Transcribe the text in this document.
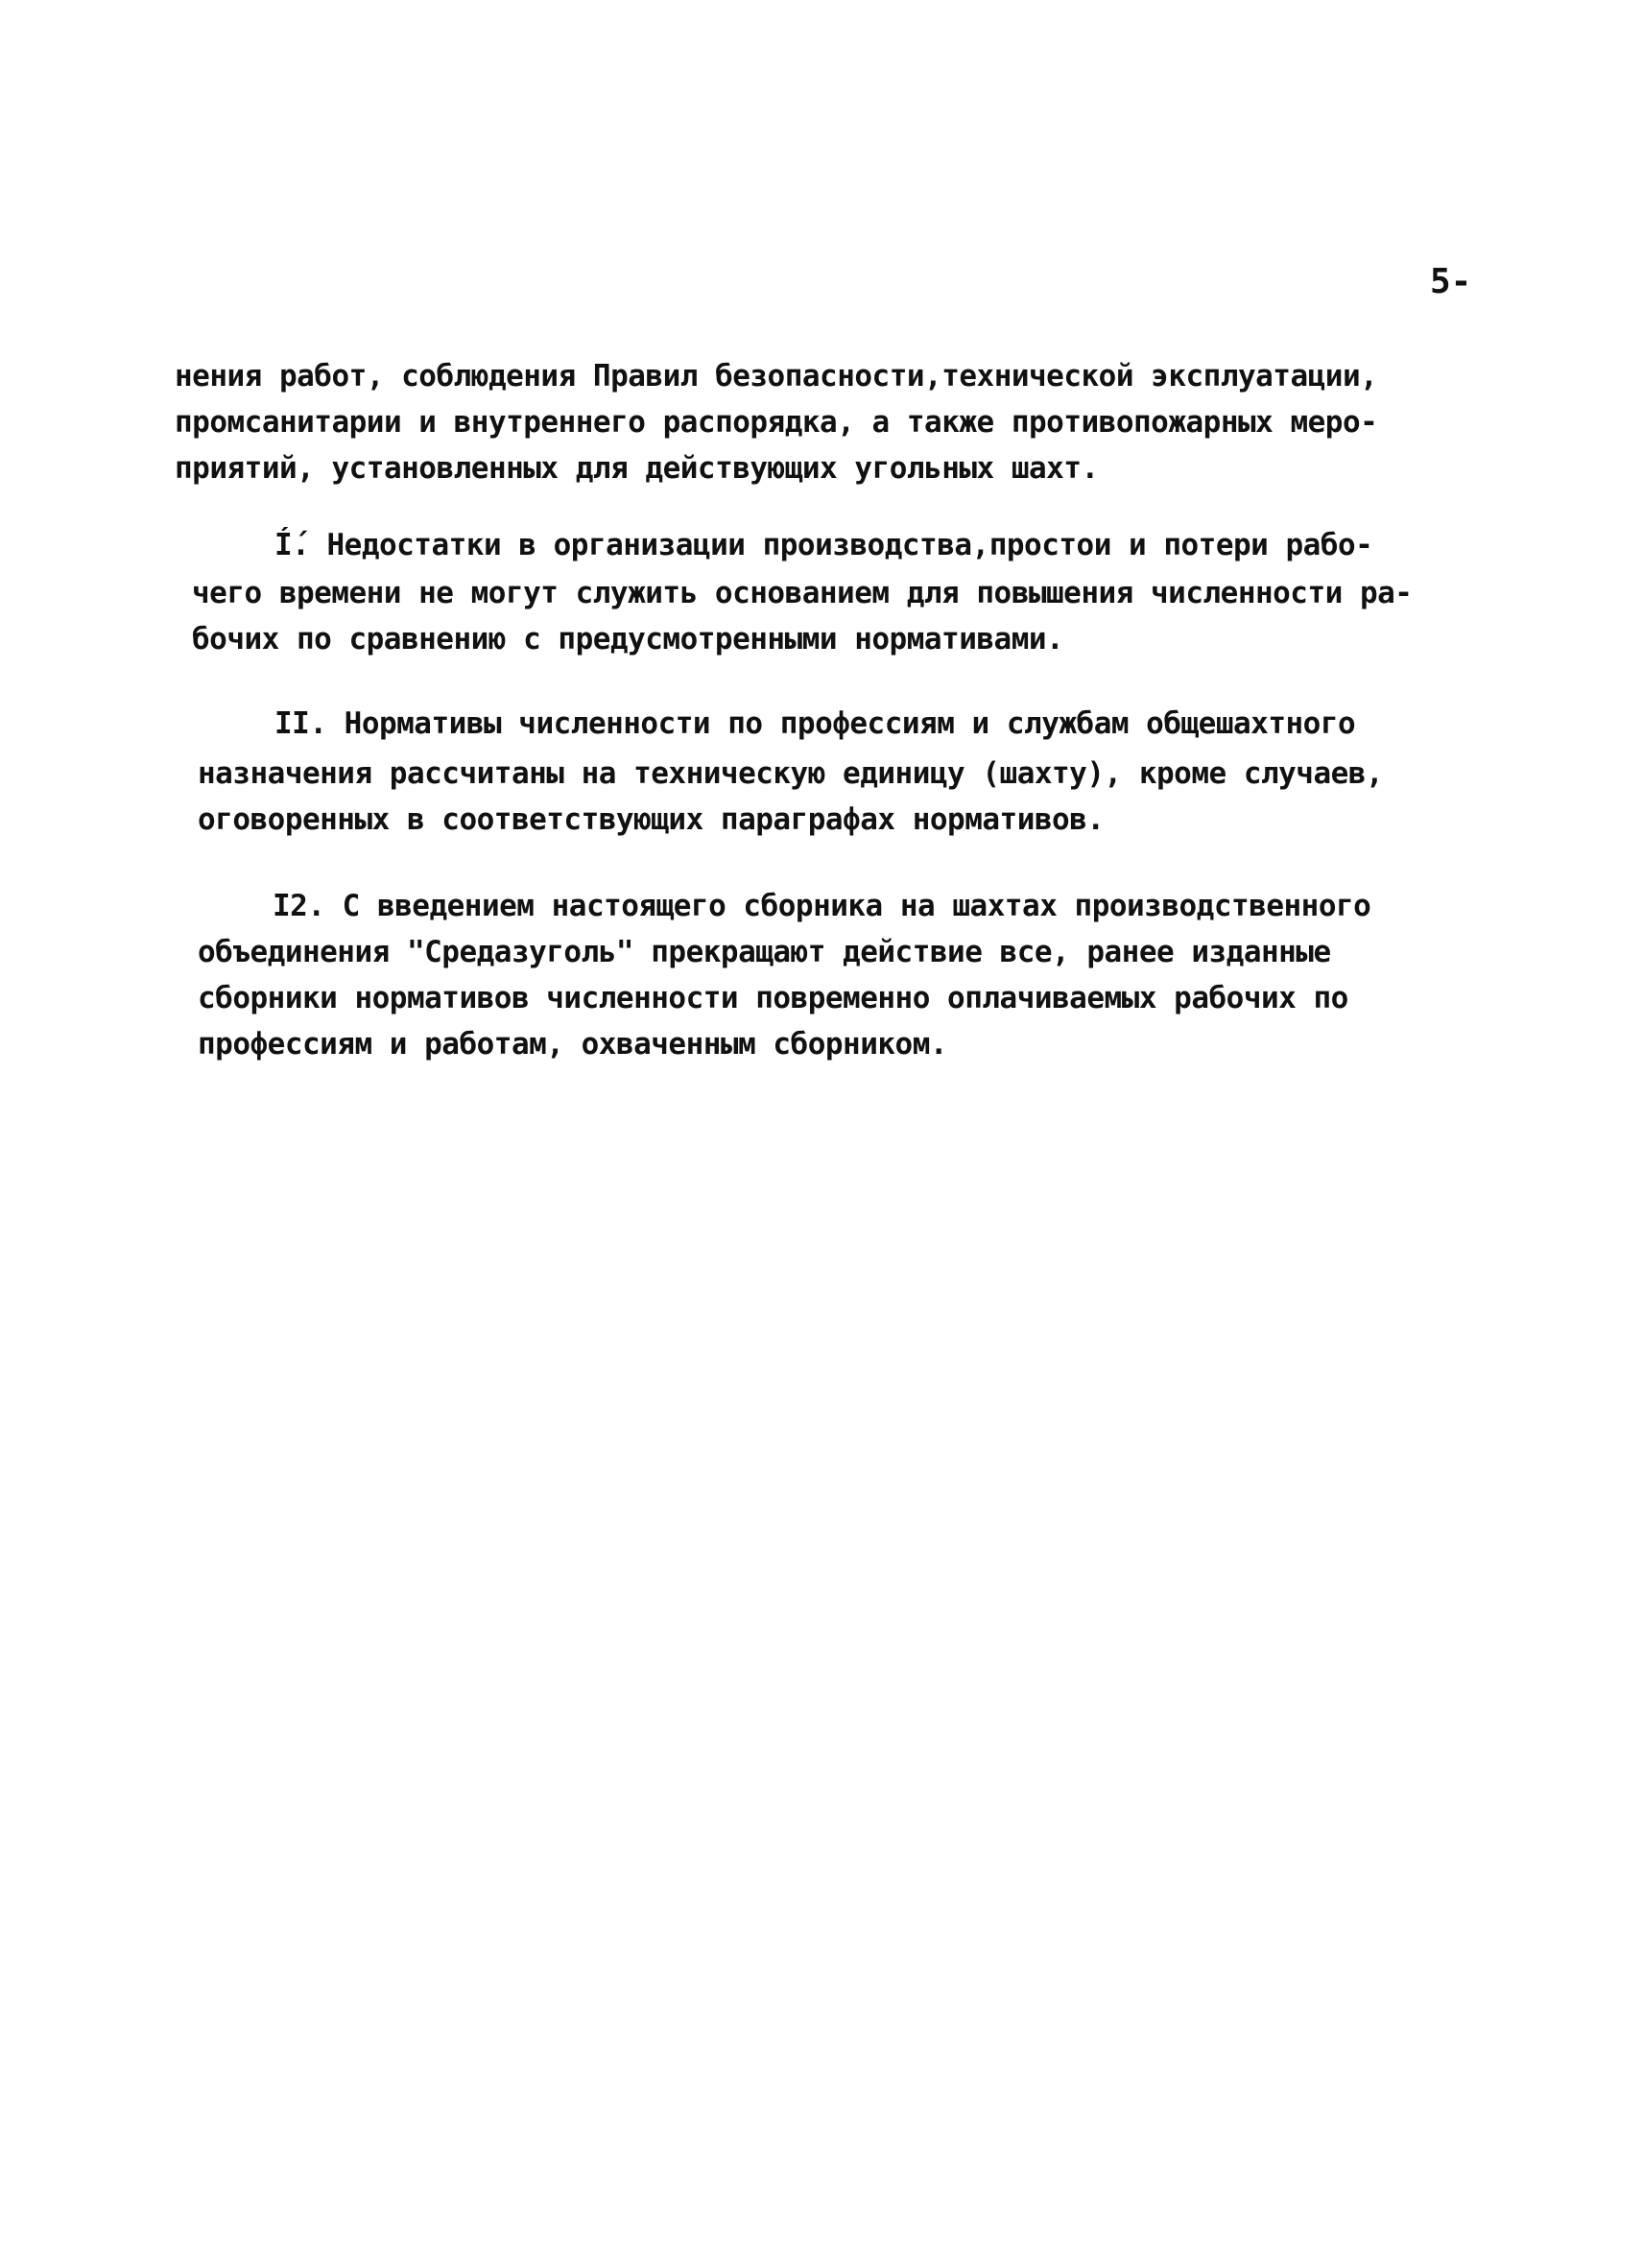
5-
нения работ, соблюдения Правил безопасности,технической эксплуатации,
промсанитарии и внутреннего распорядка, а также противопожарных меро-
приятий, установленных для действующих угольных шахт.
Í́. Недостатки в организации производства,простои и потери рабо-
чего времени не могут служить основанием для повышения численности ра-
бочих по сравнению с предусмотренными нормативами.
II. Нормативы численности по профессиям и службам общешахтного
назначения рассчитаны на техническую единицу (шахту), кроме случаев,
оговоренных в соответствующих параграфах нормативов.
I2. С введением настоящего сборника на шахтах производственного
объединения "Средазуголь" прекращают действие все, ранее изданные
сборники нормативов численности повременно оплачиваемых рабочих по
профессиям и работам, охваченным сборником.
